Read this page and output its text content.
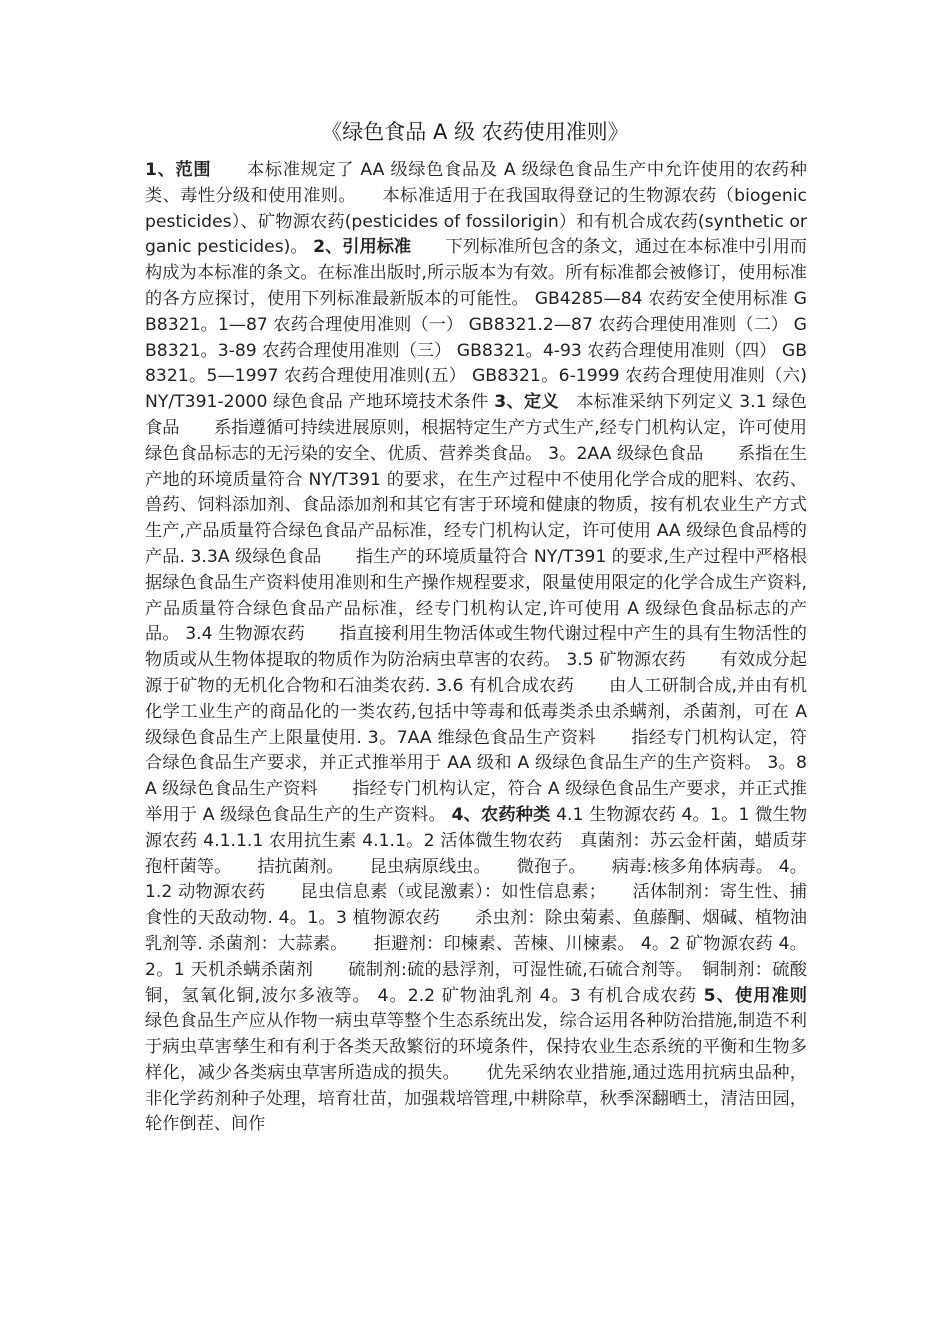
《绿色食品 A 级 农药使用准则》

1、范围　　本标准规定了 AA 级绿色食品及 A 级绿色食品生产中允许使用的农药种类、毒性分级和使用准则。　　本标准适用于在我国取得登记的生物源农药（biogenic pesticides）、矿物源农药(pesticides of fossilorigin）和有机合成农药(synthetic organic pesticides)。 2、引用标准　　下列标准所包含的条文，通过在本标准中引用而构成为本标准的条文。在标准出版时,所示版本为有效。所有标准都会被修订，使用标准的各方应探讨，使用下列标准最新版本的可能性。 GB4285—84 农药安全使用标准 GB8321。1—87 农药合理使用准则（一） GB8321.2—87 农药合理使用准则（二） GB8321。3-89 农药合理使用准则（三） GB8321。4-93 农药合理使用准则（四） GB8321。5—1997 农药合理使用准则(五） GB8321。6-1999 农药合理使用准则（六) NY/T391-2000 绿色食品 产地环境技术条件 3、定义　本标准采纳下列定义 3.1 绿色食品　　系指遵循可持续进展原则，根据特定生产方式生产,经专门机构认定，许可使用绿色食品标志的无污染的安全、优质、营养类食品。 3。2AA 级绿色食品　　系指在生产地的环境质量符合 NY/T391 的要求，在生产过程中不使用化学合成的肥料、农药、兽药、饲料添加剂、食品添加剂和其它有害于环境和健康的物质，按有机农业生产方式生产,产品质量符合绿色食品产品标准，经专门机构认定，许可使用 AA 级绿色食品樗的产品. 3.3A 级绿色食品　　指生产的环境质量符合 NY/T391 的要求,生产过程中严格根据绿色食品生产资料使用准则和生产操作规程要求，限量使用限定的化学合成生产资料,产品质量符合绿色食品产品标准，经专门机构认定,许可使用 A 级绿色食品标志的产品。 3.4 生物源农药　　指直接利用生物活体或生物代谢过程中产生的具有生物活性的物质或从生物体提取的物质作为防治病虫草害的农药。 3.5 矿物源农药　　有效成分起源于矿物的无机化合物和石油类农药. 3.6 有机合成农药　　由人工研制合成,并由有机化学工业生产的商品化的一类农药,包括中等毒和低毒类杀虫杀螨剂，杀菌剂，可在 A 级绿色食品生产上限量使用. 3。7AA 维绿色食品生产资料　　指经专门机构认定，符合绿色食品生产要求，并正式推举用于 AA 级和 A 级绿色食品生产的生产资料。 3。8A 级绿色食品生产资料　　指经专门机构认定，符合 A 级绿色食品生产要求，并正式推举用于 A 级绿色食品生产的生产资料。 4、农药种类 4.1 生物源农药 4。1。1 微生物源农药 4.1.1.1 农用抗生素 4.1.1。2 活体微生物农药　真菌剂：苏云金杆菌，蜡质芽孢杆菌等。　　拮抗菌剂。　　昆虫病原线虫。　　微孢子。　　病毒:核多角体病毒。 4。1.2 动物源农药　　昆虫信息素（或昆激素）：如性信息素；　　活体制剂：寄生性、捕食性的天敌动物. 4。1。3 植物源农药　　杀虫剂：除虫菊素、鱼藤酮、烟碱、植物油乳剂等. 杀菌剂：大蒜素。　　拒避剂：印楝素、苦楝、川楝素。 4。2 矿物源农药 4。2。1 天机杀螨杀菌剂　　硫制剂:硫的悬浮剂，可湿性硫,石硫合剂等。　铜制剂：硫酸铜，氢氧化铜,波尔多液等。 4。2.2 矿物油乳剂 4。3 有机合成农药 5、使用准则　　绿色食品生产应从作物一病虫草等整个生态系统出发，综合运用各种防治措施,制造不利于病虫草害孳生和有利于各类天敌繁衍的环境条件，保持农业生态系统的平衡和生物多样化，减少各类病虫草害所造成的损失。　　优先采纳农业措施,通过选用抗病虫品种，非化学药剂种子处理，培育壮苗，加强栽培管理,中耕除草，秋季深翻晒土，清洁田园，轮作倒茬、间作
